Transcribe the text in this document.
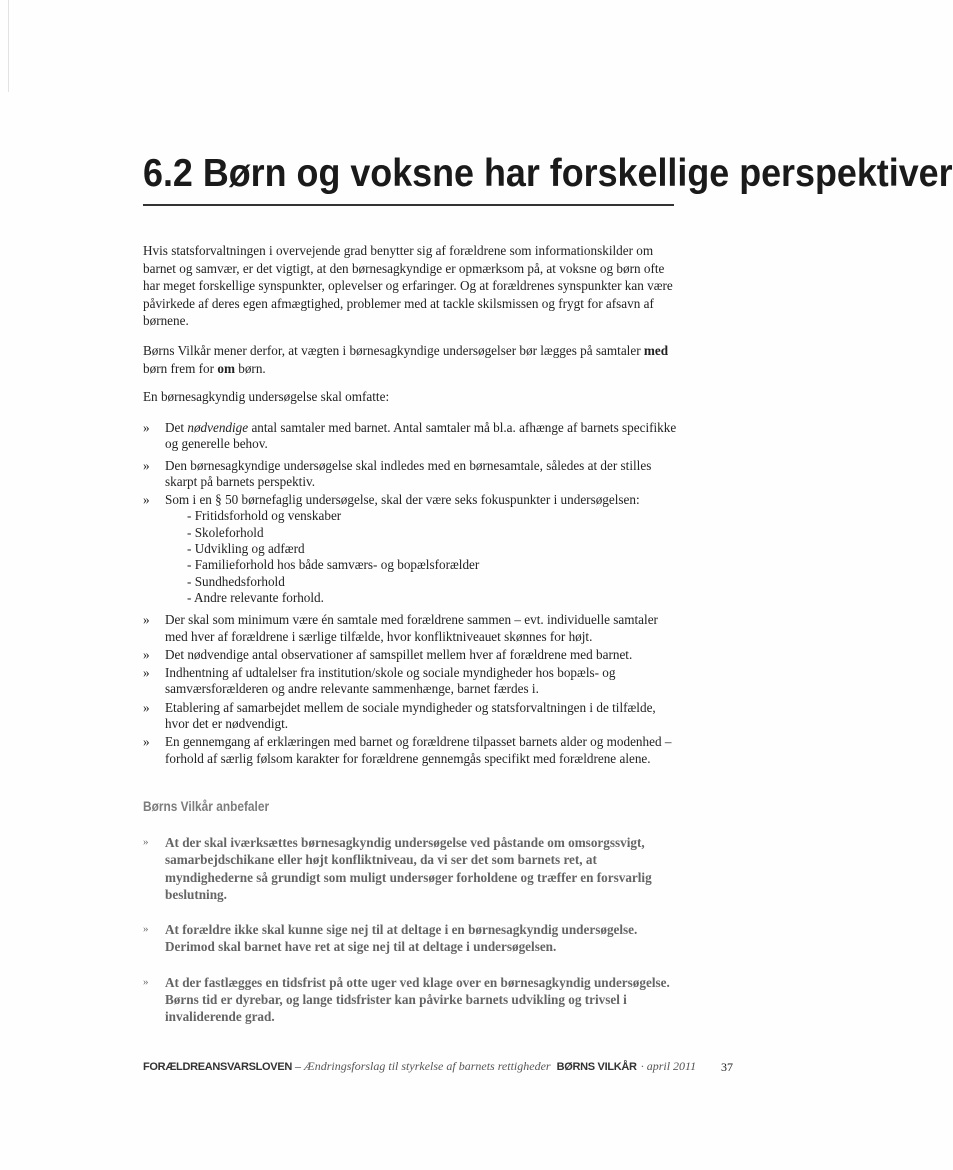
6.2 Børn og voksne har forskellige perspektiver

Hvis statsforvaltningen i overvejende grad benytter sig af forældrene som informationskilder om barnet og samvær, er det vigtigt, at den børnesagkyndige er opmærksom på, at voksne og børn ofte har meget forskellige synspunkter, oplevelser og erfaringer. Og at forældrenes synspunkter kan være påvirkede af deres egen afmægtighed, problemer med at tackle skilsmissen og frygt for afsavn af børnene.

Børns Vilkår mener derfor, at vægten i børnesagkyndige undersøgelser bør lægges på samtaler med børn frem for om børn.

En børnesagkyndig undersøgelse skal omfatte:

» Det nødvendige antal samtaler med barnet. Antal samtaler må bl.a. afhænge af barnets specifikke og generelle behov.
» Den børnesagkyndige undersøgelse skal indledes med en børnesamtale, således at der stilles skarpt på barnets perspektiv.
» Som i en § 50 børnefaglig undersøgelse, skal der være seks fokuspunkter i undersøgelsen:
- Fritidsforhold og venskaber
- Skoleforhold
- Udvikling og adfærd
- Familieforhold hos både samværs- og bopælsforælder
- Sundhedsforhold
- Andre relevante forhold.
» Der skal som minimum være én samtale med forældrene sammen – evt. individuelle samtaler med hver af forældrene i særlige tilfælde, hvor konfliktniveauet skønnes for højt.
» Det nødvendige antal observationer af samspillet mellem hver af forældrene med barnet.
» Indhentning af udtalelser fra institution/skole og sociale myndigheder hos bopæls- og samværsforælderen og andre relevante sammenhænge, barnet færdes i.
» Etablering af samarbejdet mellem de sociale myndigheder og statsforvaltningen i de tilfælde, hvor det er nødvendigt.
» En gennemgang af erklæringen med barnet og forældrene tilpasset barnets alder og modenhed – forhold af særlig følsom karakter for forældrene gennemgås specifikt med forældrene alene.
Børns Vilkår anbefaler
» At der skal iværksættes børnesagkyndig undersøgelse ved påstande om omsorgssvigt, samarbejdschikane eller højt konfliktniveau, da vi ser det som barnets ret, at myndighederne så grundigt som muligt undersøger forholdene og træffer en forsvarlig beslutning.
» At forældre ikke skal kunne sige nej til at deltage i en børnesagkyndig undersøgelse. Derimod skal barnet have ret at sige nej til at deltage i undersøgelsen.
» At der fastlægges en tidsfrist på otte uger ved klage over en børnesagkyndig undersøgelse. Børns tid er dyrebar, og lange tidsfrister kan påvirke barnets udvikling og trivsel i invaliderende grad.
FORÆLDREANSVARSLOVEN – Ændringsforslag til styrkelse af barnets rettigheder BØRNS VILKÅR · april 2011 37
